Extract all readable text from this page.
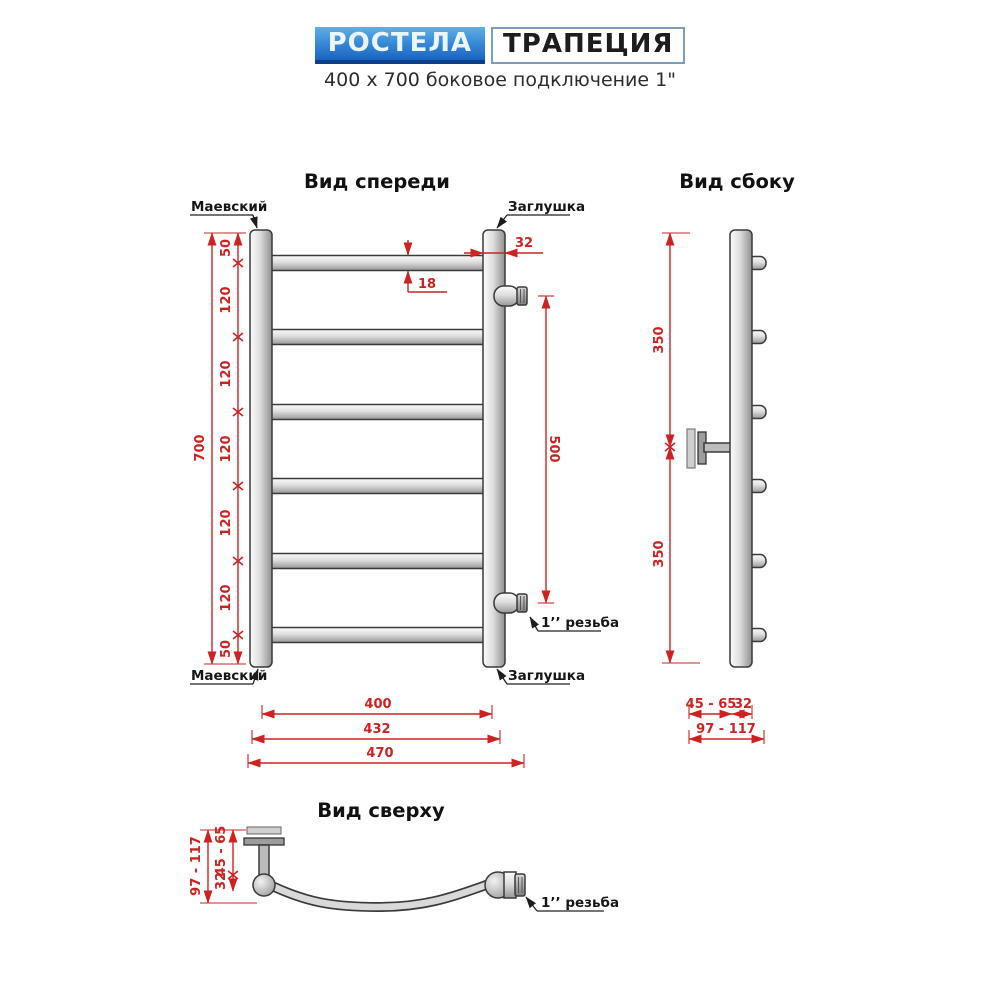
РОСТЕЛА	ТРАПЕЦИЯ
400 x 700 боковое подключение 1"
Вид спереди
700
50
120
120
120
120
120
50
32
18
500
400
432
470
Маевский	Заглушка
Маевский	Заглушка
1’’ резьба
Вид сбоку
350
350
45 - 65
32
97 - 117
Вид сверху
97 - 117 45 - 65
32
1’’ резьба
